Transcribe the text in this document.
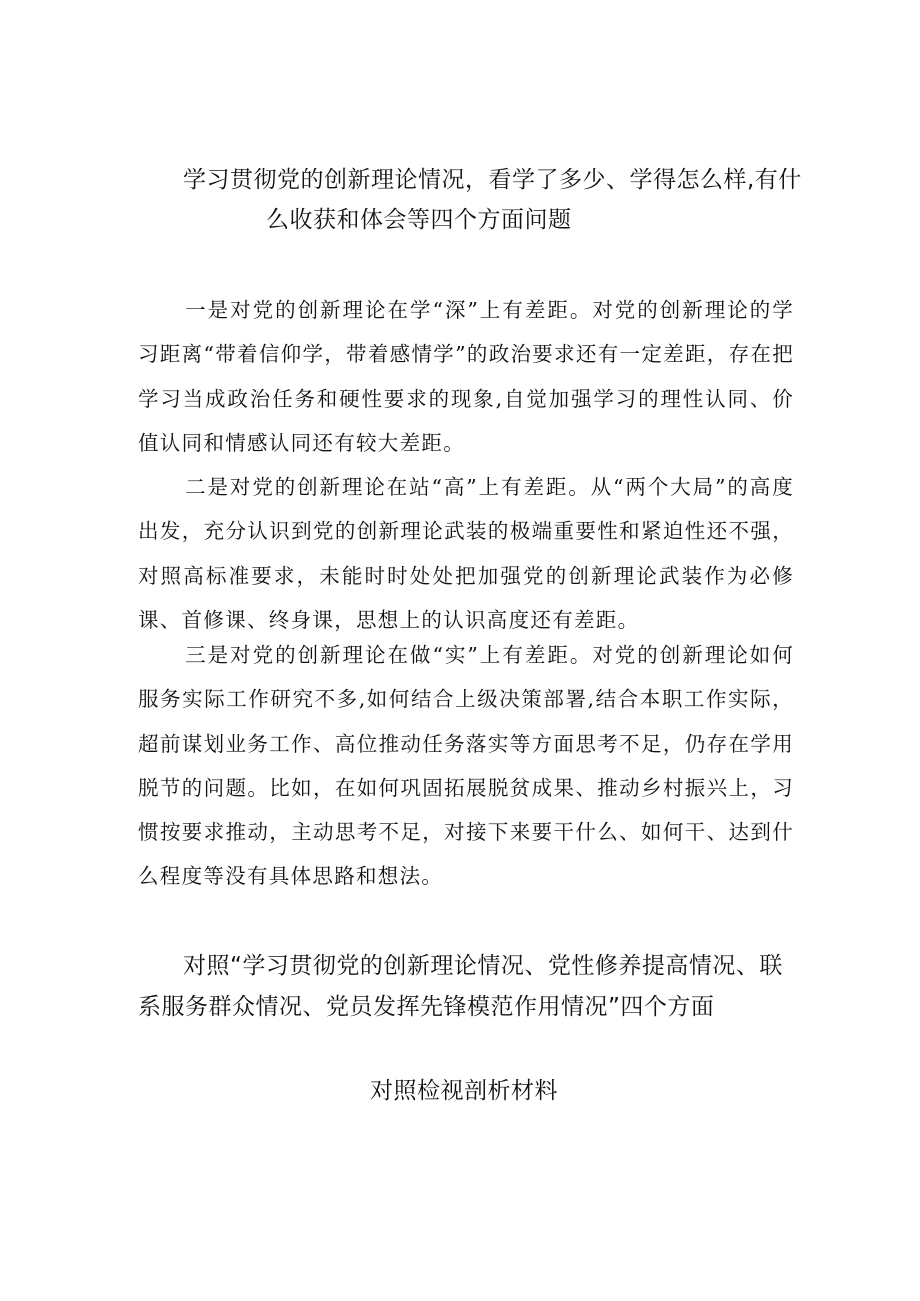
学习贯彻党的创新理论情况，看学了多少、学得怎么样,有什
么收获和体会等四个方面问题

一是对党的创新理论在学“深”上有差距。对党的创新理论的学习距离“带着信仰学，带着感情学”的政治要求还有一定差距，存在把学习当成政治任务和硬性要求的现象,自觉加强学习的理性认同、价值认同和情感认同还有较大差距。

二是对党的创新理论在站“高”上有差距。从“两个大局”的高度出发，充分认识到党的创新理论武装的极端重要性和紧迫性还不强，对照高标准要求，未能时时处处把加强党的创新理论武装作为必修课、首修课、终身课，思想上的认识高度还有差距。

三是对党的创新理论在做“实”上有差距。对党的创新理论如何服务实际工作研究不多,如何结合上级决策部署,结合本职工作实际，超前谋划业务工作、高位推动任务落实等方面思考不足，仍存在学用脱节的问题。比如，在如何巩固拓展脱贫成果、推动乡村振兴上，习惯按要求推动，主动思考不足，对接下来要干什么、如何干、达到什么程度等没有具体思路和想法。

对照“学习贯彻党的创新理论情况、党性修养提高情况、联
系服务群众情况、党员发挥先锋模范作用情况”四个方面
对照检视剖析材料
